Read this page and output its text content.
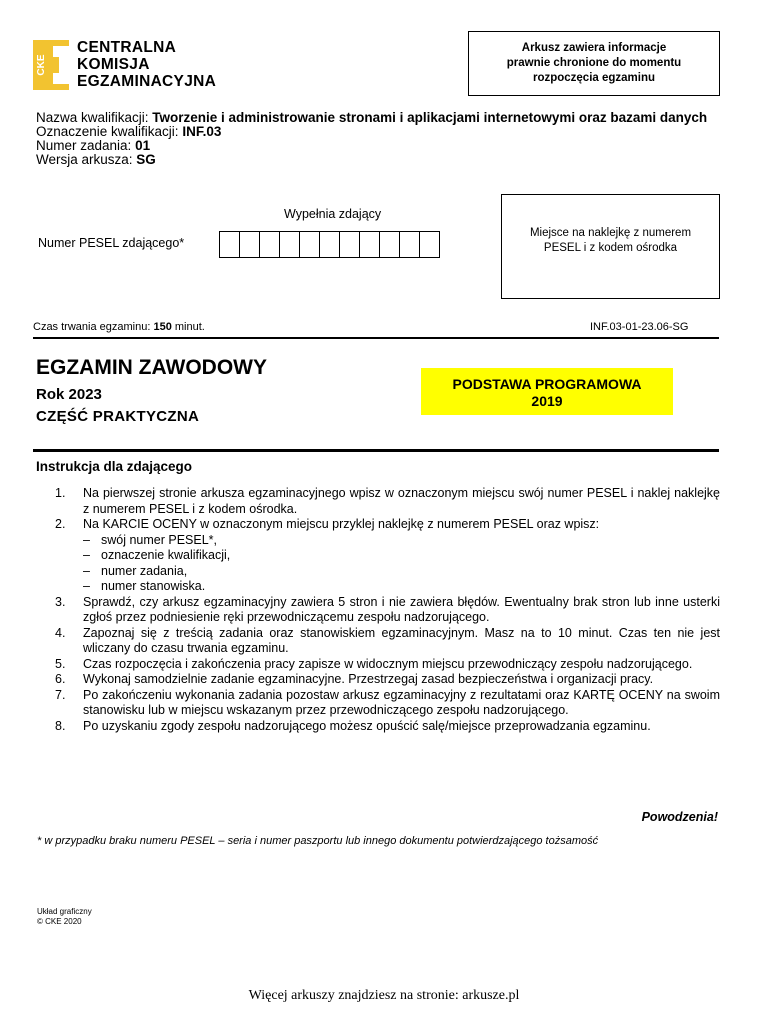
CKE
CENTRALNA
KOMISJA
EGZAMINACYJNA
Arkusz zawiera informacje
prawnie chronione do momentu
rozpoczęcia egzaminu
Nazwa kwalifikacji: Tworzenie i administrowanie stronami i aplikacjami internetowymi oraz bazami danych
Oznaczenie kwalifikacji: INF.03
Numer zadania: 01
Wersja arkusza: SG
Wypełnia zdający
Numer PESEL zdającego*
Miejsce na naklejkę z numerem
PESEL i z kodem ośrodka
Czas trwania egzaminu: 150 minut.	INF.03-01-23.06-SG
EGZAMIN ZAWODOWY
Rok 2023
CZĘŚĆ PRAKTYCZNA
PODSTAWA PROGRAMOWA
2019
Instrukcja dla zdającego
1.	Na pierwszej stronie arkusza egzaminacyjnego wpisz w oznaczonym miejscu swój numer PESEL i naklej naklejkę z numerem PESEL i z kodem ośrodka.
2.	Na KARCIE OCENY w oznaczonym miejscu przyklej naklejkę z numerem PESEL oraz wpisz:
– swój numer PESEL*,
– oznaczenie kwalifikacji,
– numer zadania,
– numer stanowiska.
3.	Sprawdź, czy arkusz egzaminacyjny zawiera 5 stron i nie zawiera błędów. Ewentualny brak stron lub inne usterki zgłoś przez podniesienie ręki przewodniczącemu zespołu nadzorującego.
4.	Zapoznaj się z treścią zadania oraz stanowiskiem egzaminacyjnym. Masz na to 10 minut. Czas ten nie jest wliczany do czasu trwania egzaminu.
5.	Czas rozpoczęcia i zakończenia pracy zapisze w widocznym miejscu przewodniczący zespołu nadzorującego.
6.	Wykonaj samodzielnie zadanie egzaminacyjne. Przestrzegaj zasad bezpieczeństwa i organizacji pracy.
7.	Po zakończeniu wykonania zadania pozostaw arkusz egzaminacyjny z rezultatami oraz KARTĘ OCENY na swoim stanowisku lub w miejscu wskazanym przez przewodniczącego zespołu nadzorującego.
8.	Po uzyskaniu zgody zespołu nadzorującego możesz opuścić salę/miejsce przeprowadzania egzaminu.
Powodzenia!
* w przypadku braku numeru PESEL – seria i numer paszportu lub innego dokumentu potwierdzającego tożsamość
Układ graficzny
© CKE 2020
Więcej arkuszy znajdziesz na stronie: arkusze.pl
